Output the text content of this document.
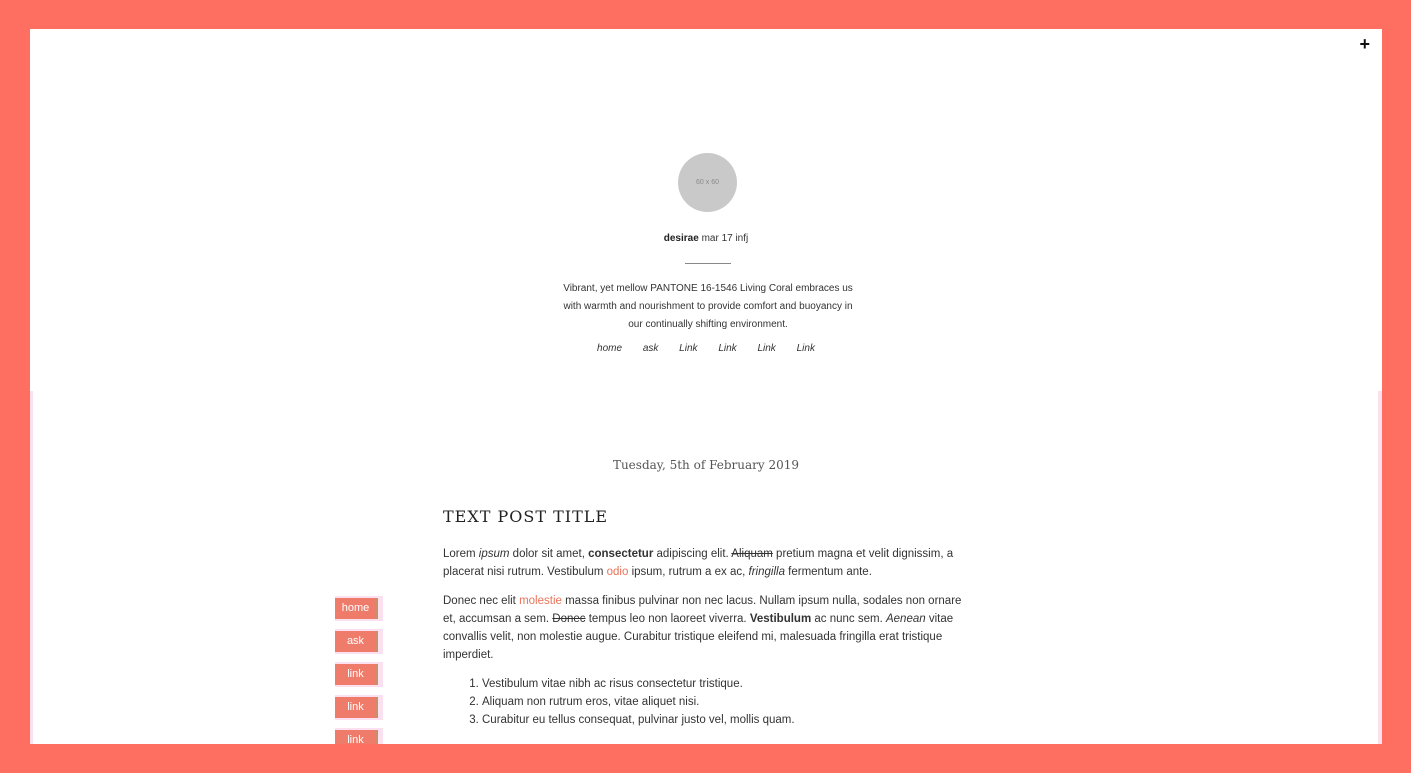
+
60 x 60
desirae mar 17 infj
Vibrant, yet mellow PANTONE 16-1546 Living Coral embraces us with warmth and nourishment to provide comfort and buoyancy in our continually shifting environment.
home ask Link Link Link Link
Tuesday, 5th of February 2019
TEXT POST TITLE

Lorem ipsum dolor sit amet, consectetur adipiscing elit. Aliquam pretium magna et velit dignissim, a placerat nisi rutrum. Vestibulum odio ipsum, rutrum a ex ac, fringilla fermentum ante.

Donec nec elit molestie massa finibus pulvinar non nec lacus. Nullam ipsum nulla, sodales non ornare et, accumsan a sem. Donec tempus leo non laoreet viverra. Vestibulum ac nunc sem. Aenean vitae convallis velit, non molestie augue. Curabitur tristique eleifend mi, malesuada fringilla erat tristique imperdiet.

1. Vestibulum vitae nibh ac risus consectetur tristique.
2. Aliquam non rutrum eros, vitae aliquet nisi.
3. Curabitur eu tellus consequat, pulvinar justo vel, mollis quam.
home
ask
link
link
link
